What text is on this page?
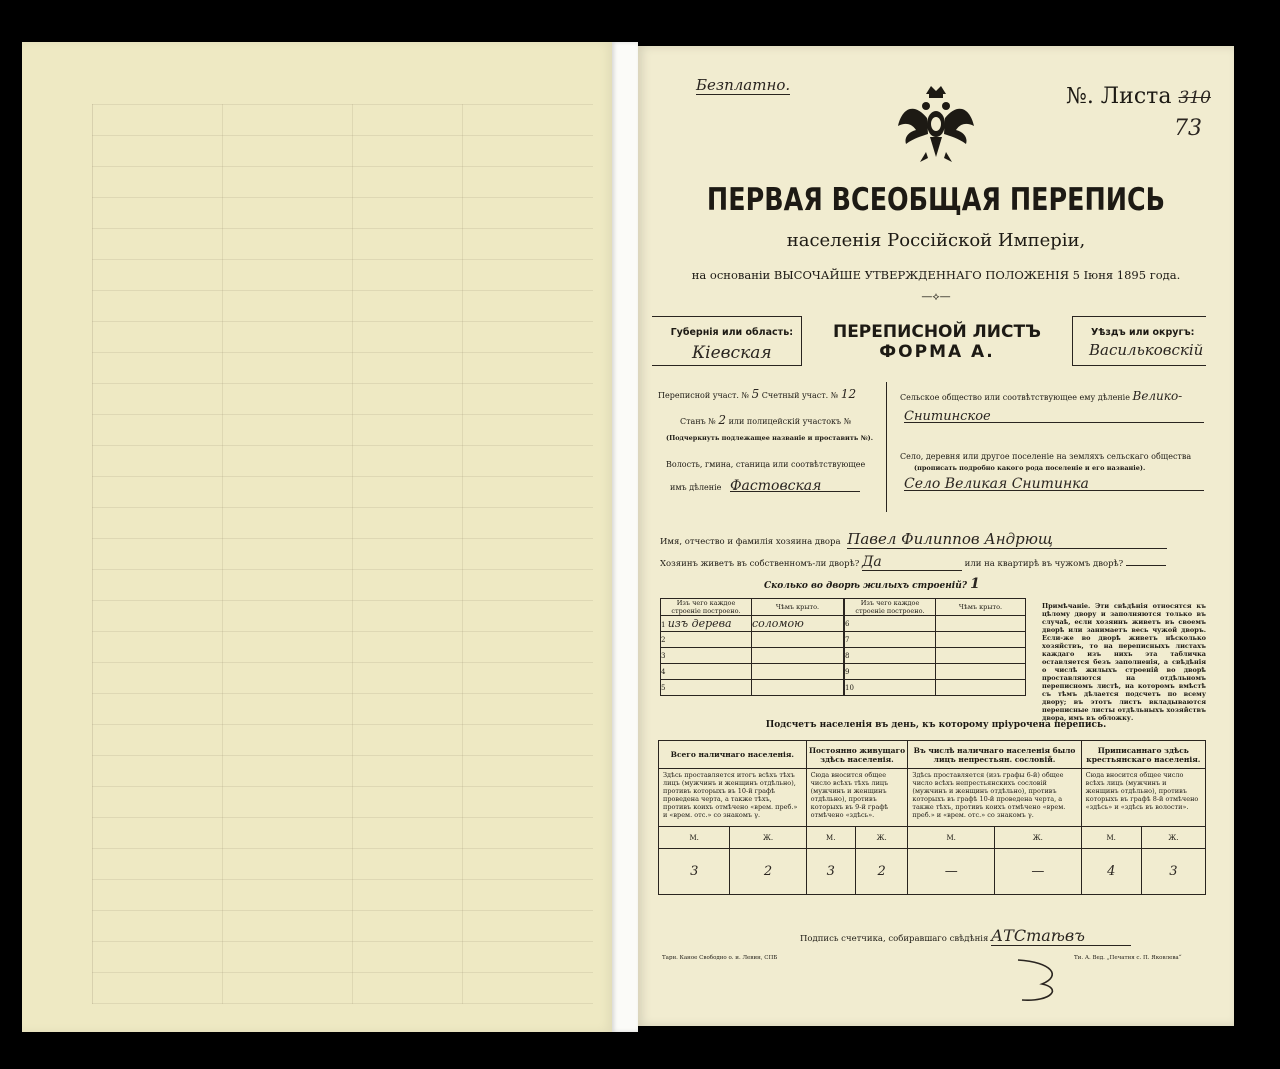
Безплатно.	№. Листа 310
73
ПЕРВАЯ ВСЕОБЩАЯ ПЕРЕПИСЬ
населенія Россійской Имперіи,
на основаніи ВЫСОЧАЙШЕ УТВЕРЖДЕННАГО ПОЛОЖЕНІЯ 5 Іюня 1895 года.
—⟡—
Губернія или область:
Кіевская
ПЕРЕПИСНОЙ ЛИСТЪ
ФОРМА А.
Уѣздъ или округъ:
Васильковскій
Переписной участ. № 5 Счетный участ. № 12
Станъ № 2 или полицейскій участокъ №
(Подчеркнуть подлежащее названіе и проставить №).
Волость, гмина, станица или соотвѣтствующее
имъ дѣленіе Фастовская
Сельское общество или соотвѣтствующее ему дѣленіе Велико-
Снитинское
Село, деревня или другое поселеніе на земляхъ сельскаго общества
(прописать подробно какого рода поселеніе и его названіе).
Село Великая Снитинка
Имя, отчество и фамилія хозяина двора Павел Филиппов Андрющ
Хозяинъ живетъ въ собственномъ-ли дворѣ? Да	или на квартирѣ въ чужомъ дворѣ?
Сколько во дворѣ жилыхъ строеній? 1
Изъ чего каждое строеніе построено.	Чѣмъ крыто.
1 изъ дерева	соломою
2	
3	
4	
5	
Изъ чего каждое строеніе построено.	Чѣмъ крыто.
6	
7	
8	
9	
10	
Примѣчаніе. Эти свѣдѣнія относятся къ цѣлому двору и заполняются только въ случаѣ, если хозяинъ живетъ въ своемъ дворѣ или занимаетъ весь чужой дворъ. Если-же во дворѣ живетъ нѣсколько хозяйствъ, то на переписныхъ листахъ каждаго изъ нихъ эта табличка оставляется безъ заполненія, а свѣдѣнія о числѣ жилыхъ строеній во дворѣ проставляются на отдѣльномъ переписномъ листѣ, на которомъ вмѣстѣ съ тѣмъ дѣлается подсчетъ по всему двору; въ этотъ листъ вкладываются переписные листы отдѣльныхъ хозяйствъ двора, имъ въ обложку.
Подсчетъ населенія въ день, къ которому пріурочена перепись.
Всего наличнаго населенія.		Постоянно живущаго здѣсь населенія.		Въ числѣ наличнаго населенія было лицъ непрестьян. сословій.		Приписаннаго здѣсь крестьянскаго населенія.	
Здѣсь проставляется итогъ всѣхъ тѣхъ лицъ (мужчинъ и женщинъ отдѣльно), противъ которыхъ въ 10-й графѣ проведена черта, а также тѣхъ, противъ коихъ отмѣчено «врем. преб.» и «врем. отс.» со знакомъ γ.		Сюда вносится общее число всѣхъ тѣхъ лицъ (мужчинъ и женщинъ отдѣльно), противъ которыхъ въ 9-й графѣ отмѣчено «здѣсь».		Здѣсь проставляется (изъ графы 6-й) общее число всѣхъ непрестьянскихъ сословій (мужчинъ и женщинъ отдѣльно), противъ которыхъ въ графѣ 10-й проведена черта, а также тѣхъ, противъ коихъ отмѣчено «врем. преб.» и «врем. отс.» со знакомъ γ.		Сюда вносится общее число всѣхъ лицъ (мужчинъ и женщинъ отдѣльно), противъ которыхъ въ графѣ 8-й отмѣчено «здѣсь» и «здѣсь въ волости».	
М.	Ж.	М.	Ж.	М.	Ж.	М.	Ж.
3	2	3	2	—	—	4	3
Подпись счетчика, собиравшаго свѣдѣнія АТСтаѣвъ
Тарн. Каное Свободно о. и. Левин, СПБ	Ти. А. Вед. „Печатня с. П. Яковлева“
